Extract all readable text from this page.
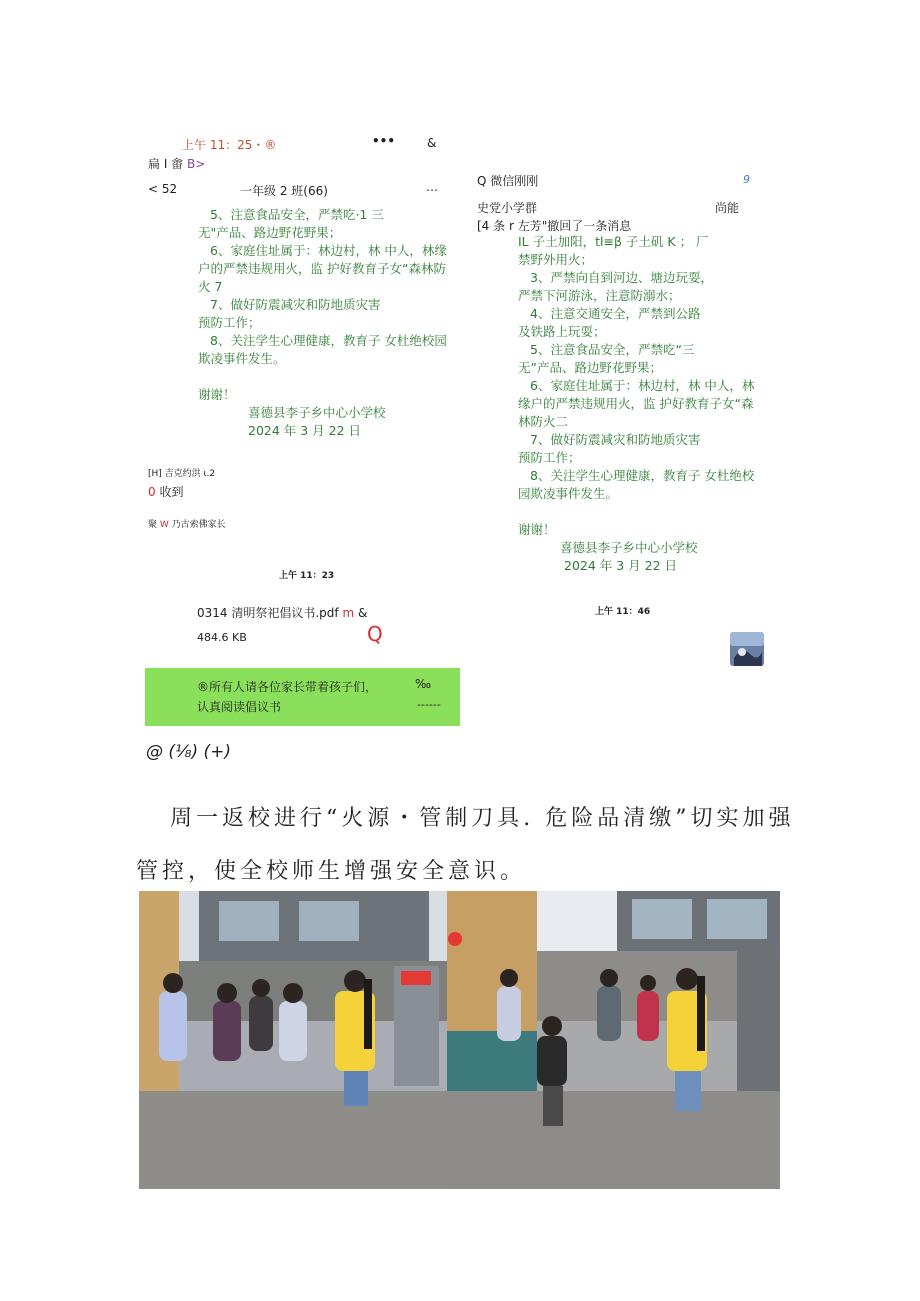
上午 11：25・®	•••	&
扁 I 畬 B>
< 52	一年级 2 班(66)	…
5、注意食品安全，严禁吃·1 三
无"产品、路边野花野果；
6、家庭住址属于：林边村，林 中人，林缘
户的严禁违规用火，监 护好教育子女“森林防
火 7
7、做好防震减灾和防地质灾害
预防工作；
8、关注学生心理健康，教育子 女杜绝校园
欺凌事件发生。
谢谢！
喜德县李子乡中心小学校
2024 年 3 月 22 日
[H] 吉克约洪 ι.2
0 收到
聚 W 乃古索佛家长
上午 11：23
0314 清明祭祀倡议书.pdf m &
484.6 KB	Q
®所有人请各位家长带着孩子们，	‰
认真阅读倡议书	------
@ (⅛) (+)
Q 微信刚刚	9
史党小学群	尚能
[4 条 r 左芳"撤回了一条消息
IL 子土加阳，tl≡β 子土矶 K ； 厂
禁野外用火；
3、严禁向自到河边、塘边玩耍，
严禁下河游泳，注意防溺水；
4、注意交通安全，严禁到公路
及铁路上玩耍；
5、注意食品安全，严禁吃“三
无”产品、路边野花野果；
6、家庭住址属于：林边村，林 中人，林
缘户的严禁违规用火，监 护好教育子女“森
林防火二
7、做好防震减灾和防地质灾害
预防工作；
8、关注学生心理健康，教育子 女杜绝校
园欺凌事件发生。
谢谢！
喜德县李子乡中心小学校
2024 年 3 月 22 日
上午 11：46
周一返校进行“火源・管制刀具. 危险品清缴”切实加强
管控，使全校师生增强安全意识。
